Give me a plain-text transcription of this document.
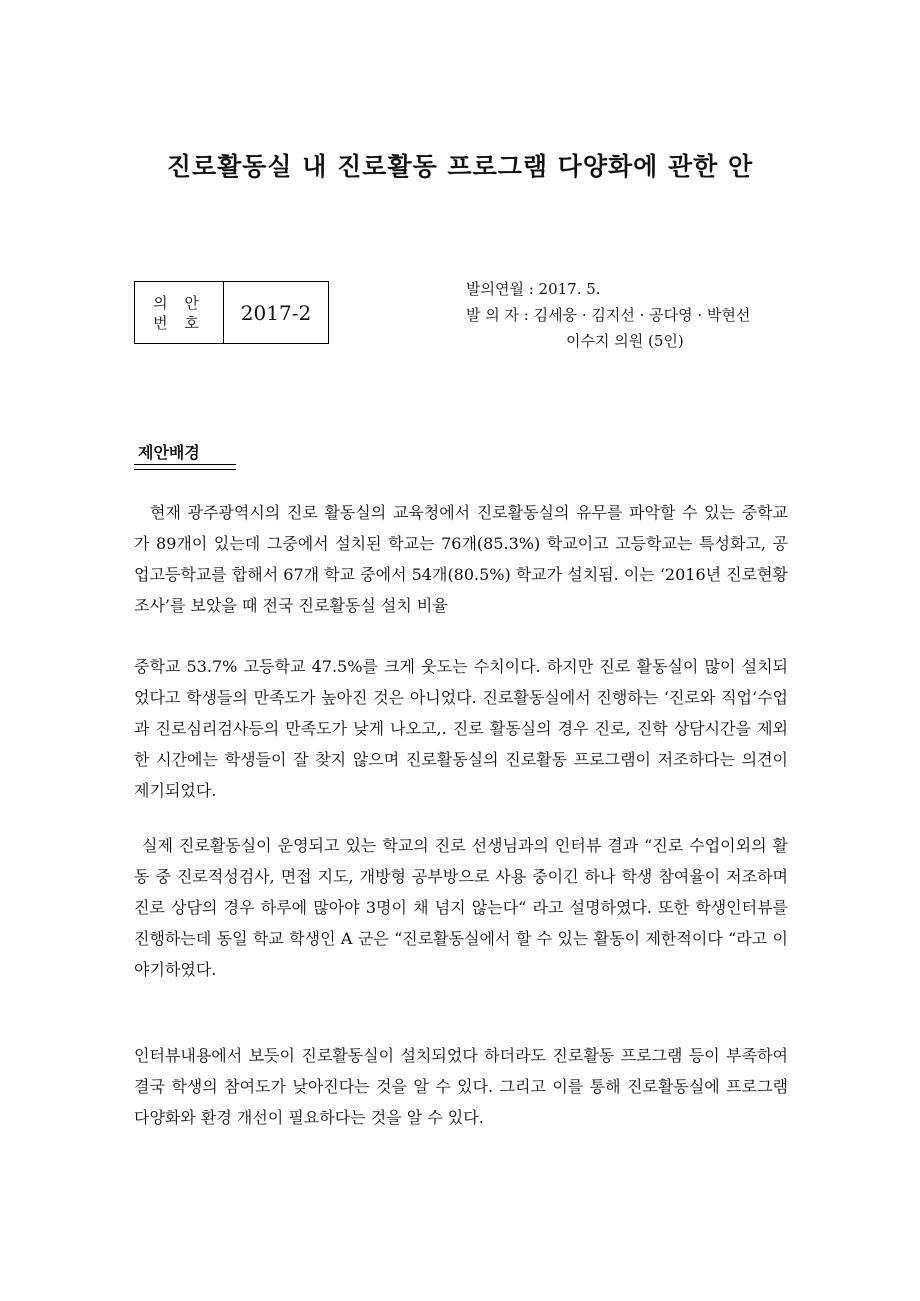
진로활동실 내 진로활동 프로그램 다양화에 관한 안
의 안
번 호	2017-2
발의연월 : 2017. 5.
발 의 자 : 김세웅 · 김지선 · 공다영 · 박현선
이수지 의원 (5인)
제안배경

현재 광주광역시의 진로 활동실의 교육청에서 진로활동실의 유무를 파악할 수 있는 중학교가 89개이 있는데 그중에서 설치된 학교는 76개(85.3%) 학교이고 고등학교는 특성화고, 공업고등학교를 합해서 67개 학교 중에서 54개(80.5%) 학교가 설치됨. 이는 ‘2016년 진로현황 조사’를 보았을 때 전국 진로활동실 설치 비율

중학교 53.7% 고등학교 47.5%를 크게 웃도는 수치이다. 하지만 진로 활동실이 많이 설치되었다고 학생들의 만족도가 높아진 것은 아니었다. 진로활동실에서 진행하는 ‘진로와 직업‘수업과 진로심리검사등의 만족도가 낮게 나오고,. 진로 활동실의 경우 진로, 진학 상담시간을 제외한 시간에는 학생들이 잘 찾지 않으며 진로활동실의 진로활동 프로그램이 저조하다는 의견이 제기되었다.

실제 진로활동실이 운영되고 있는 학교의 진로 선생님과의 인터뷰 결과 “진로 수업이외의 활동 중 진로적성검사, 면접 지도, 개방형 공부방으로 사용 중이긴 하나 학생 참여율이 저조하며 진로 상담의 경우 하루에 많아야 3명이 채 넘지 않는다“ 라고 설명하였다. 또한 학생인터뷰를 진행하는데 동일 학교 학생인 A 군은 “진로활동실에서 할 수 있는 활동이 제한적이다 “라고 이야기하였다.

인터뷰내용에서 보듯이 진로활동실이 설치되었다 하더라도 진로활동 프로그램 등이 부족하여 결국 학생의 참여도가 낮아진다는 것을 알 수 있다. 그리고 이를 통해 진로활동실에 프로그램 다양화와 환경 개선이 필요하다는 것을 알 수 있다.
